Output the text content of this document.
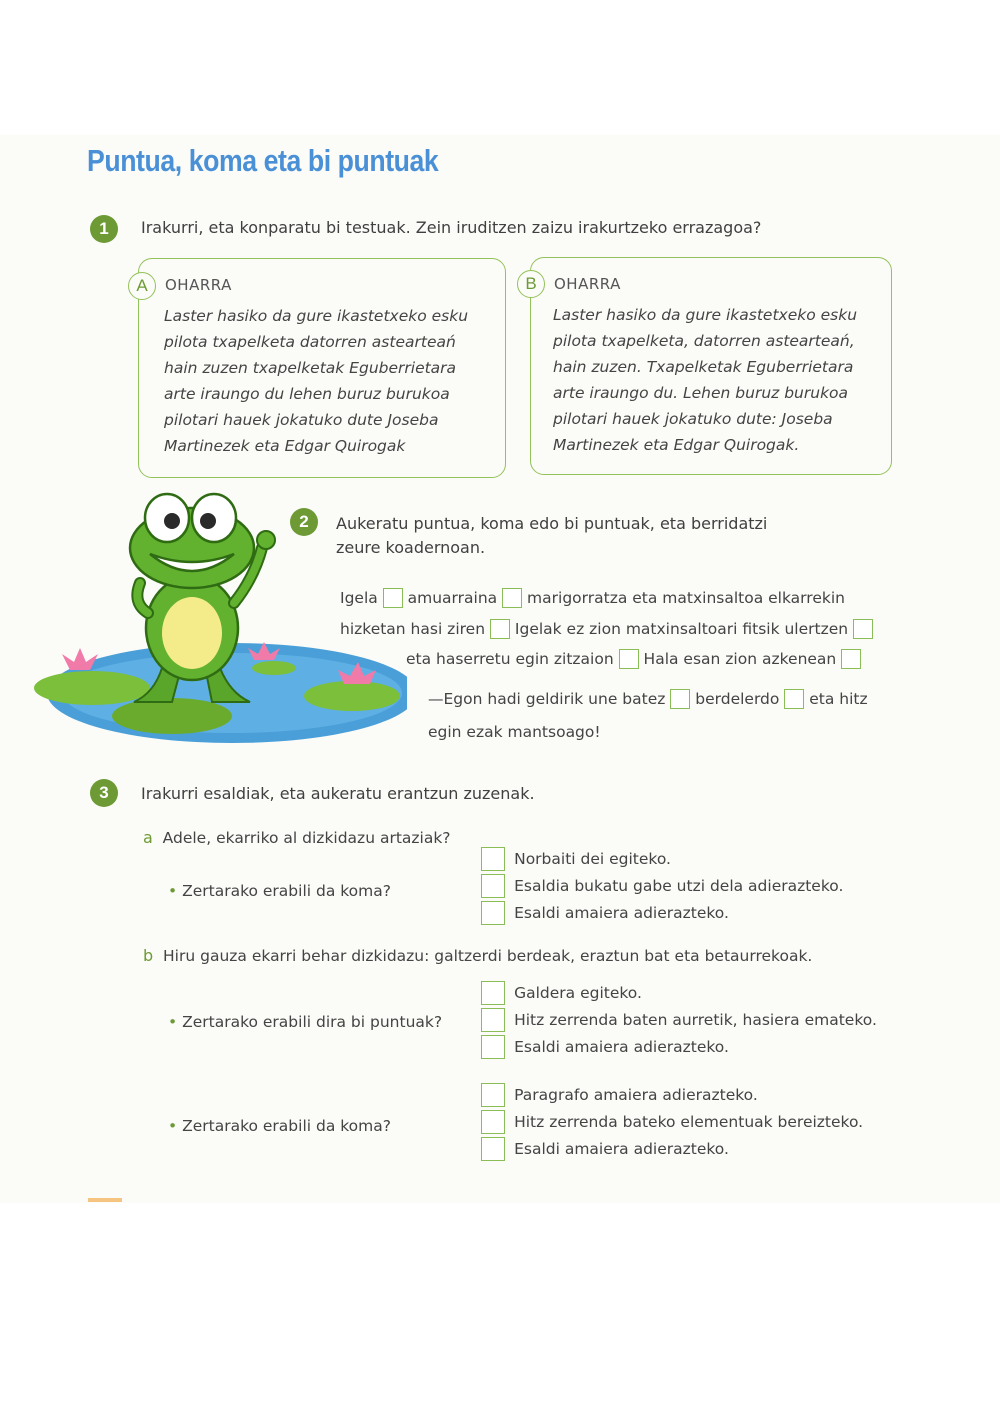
Puntua, koma eta bi puntuak
1	Irakurri, eta konparatu bi testuak. Zein iruditzen zaizu irakurtzeko errazagoa?
A	OHARRA
Laster hasiko da gure ikastetxeko esku
pilota txapelketa datorren astearteań
hain zuzen txapelketak Eguberrietara
arte iraungo du lehen buruz burukoa
pilotari hauek jokatuko dute Joseba
Martinezek eta Edgar Quirogak
B	OHARRA
Laster hasiko da gure ikastetxeko esku
pilota txapelketa, datorren astearteań,
hain zuzen. Txapelketak Eguberrietara
arte iraungo du. Lehen buruz burukoa
pilotari hauek jokatuko dute: Joseba
Martinezek eta Edgar Quirogak.
2	Aukeratu puntua, koma edo bi puntuak, eta berridatzi
zeure koadernoan.
Igela amuarraina marigorratza eta matxinsaltoa elkarrekin
hizketan hasi ziren Igelak ez zion matxinsaltoari fitsik ulertzen
eta haserretu egin zitzaion Hala esan zion azkenean
—Egon hadi geldirik une batez berdelerdo eta hitz
egin ezak mantsoago!
3	Irakurri esaldiak, eta aukeratu erantzun zuzenak.
a Adele, ekarriko al dizkidazu artaziak?
• Zertarako erabili da koma?
Norbaiti dei egiteko.
Esaldia bukatu gabe utzi dela adierazteko.
Esaldi amaiera adierazteko.
b Hiru gauza ekarri behar dizkidazu: galtzerdi berdeak, eraztun bat eta betaurrekoak.
• Zertarako erabili dira bi puntuak?
Galdera egiteko.
Hitz zerrenda baten aurretik, hasiera emateko.
Esaldi amaiera adierazteko.
• Zertarako erabili da koma?
Paragrafo amaiera adierazteko.
Hitz zerrenda bateko elementuak bereizteko.
Esaldi amaiera adierazteko.
